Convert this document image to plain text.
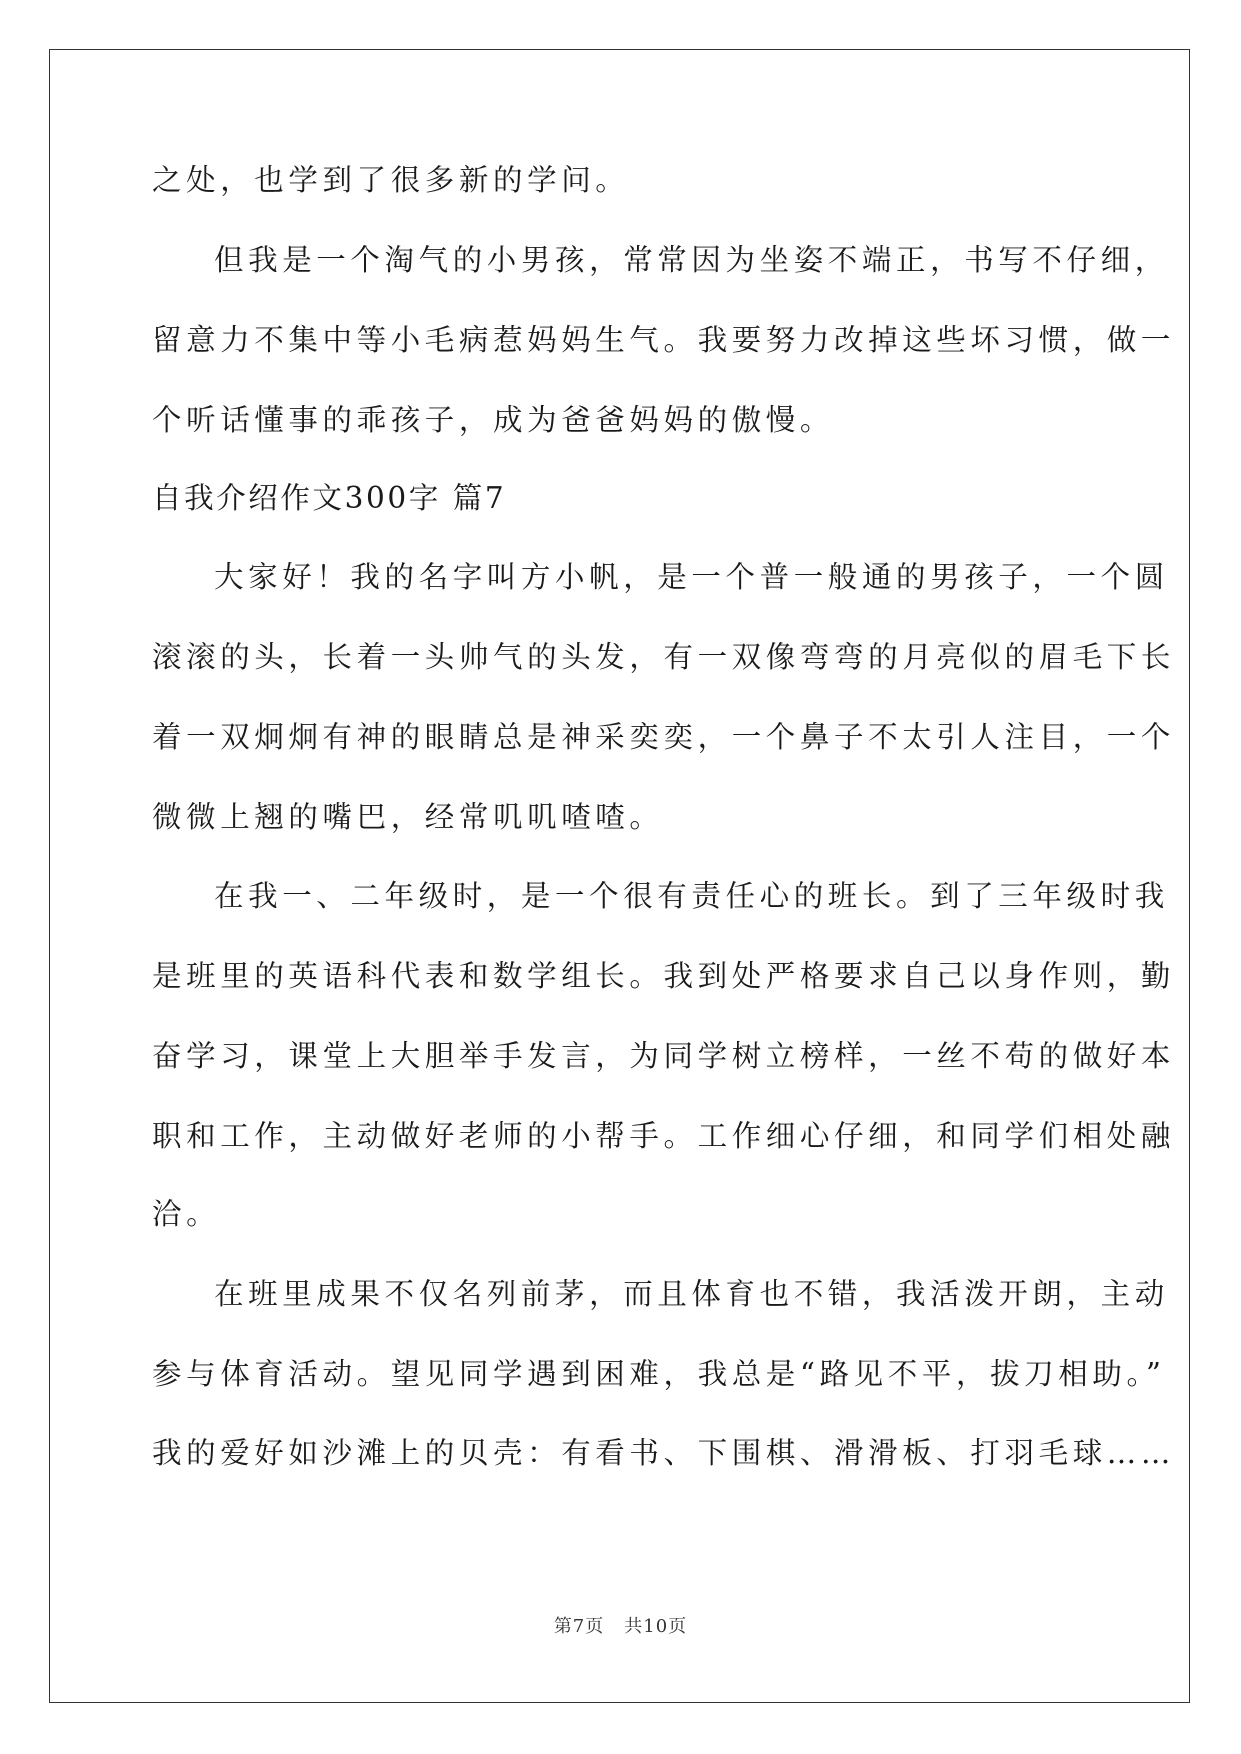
之处，也学到了很多新的学问。
但我是一个淘气的小男孩，常常因为坐姿不端正，书写不仔细，
留意力不集中等小毛病惹妈妈生气。我要努力改掉这些坏习惯，做一
个听话懂事的乖孩子，成为爸爸妈妈的傲慢。
自我介绍作文300字 篇7
大家好！我的名字叫方小帆，是一个普一般通的男孩子，一个圆
滚滚的头，长着一头帅气的头发，有一双像弯弯的月亮似的眉毛下长
着一双炯炯有神的眼睛总是神采奕奕，一个鼻子不太引人注目，一个
微微上翘的嘴巴，经常叽叽喳喳。
在我一、二年级时，是一个很有责任心的班长。到了三年级时我
是班里的英语科代表和数学组长。我到处严格要求自己以身作则，勤
奋学习，课堂上大胆举手发言，为同学树立榜样，一丝不苟的做好本
职和工作，主动做好老师的小帮手。工作细心仔细，和同学们相处融
洽。
在班里成果不仅名列前茅，而且体育也不错，我活泼开朗，主动
参与体育活动。望见同学遇到困难，我总是“路见不平，拔刀相助。”
我的爱好如沙滩上的贝壳：有看书、下围棋、滑滑板、打羽毛球……
第7页 共10页
